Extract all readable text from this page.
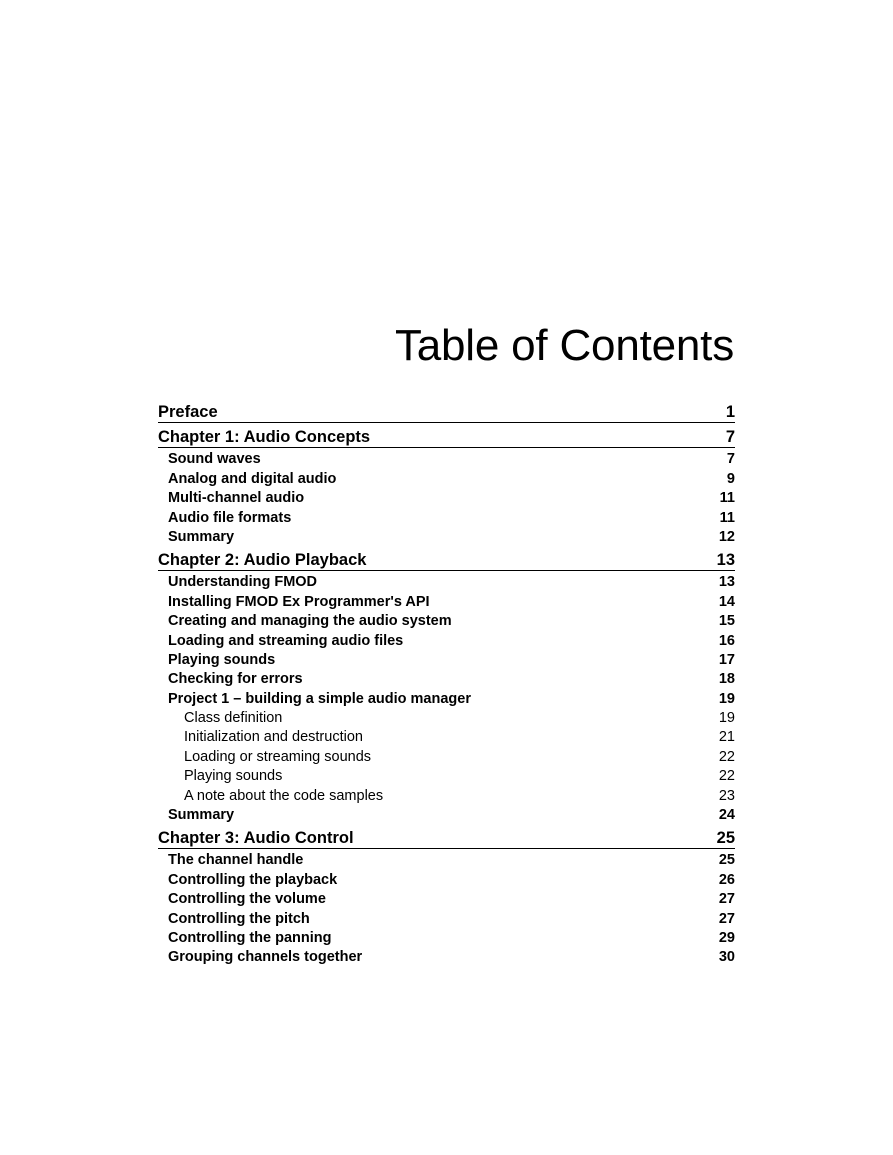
Table of Contents
Preface	1
Chapter 1: Audio Concepts	7
Sound waves	7
Analog and digital audio	9
Multi-channel audio	11
Audio file formats	11
Summary	12
Chapter 2: Audio Playback	13
Understanding FMOD	13
Installing FMOD Ex Programmer's API	14
Creating and managing the audio system	15
Loading and streaming audio files	16
Playing sounds	17
Checking for errors	18
Project 1 – building a simple audio manager	19
Class definition	19
Initialization and destruction	21
Loading or streaming sounds	22
Playing sounds	22
A note about the code samples	23
Summary	24
Chapter 3: Audio Control	25
The channel handle	25
Controlling the playback	26
Controlling the volume	27
Controlling the pitch	27
Controlling the panning	29
Grouping channels together	30
